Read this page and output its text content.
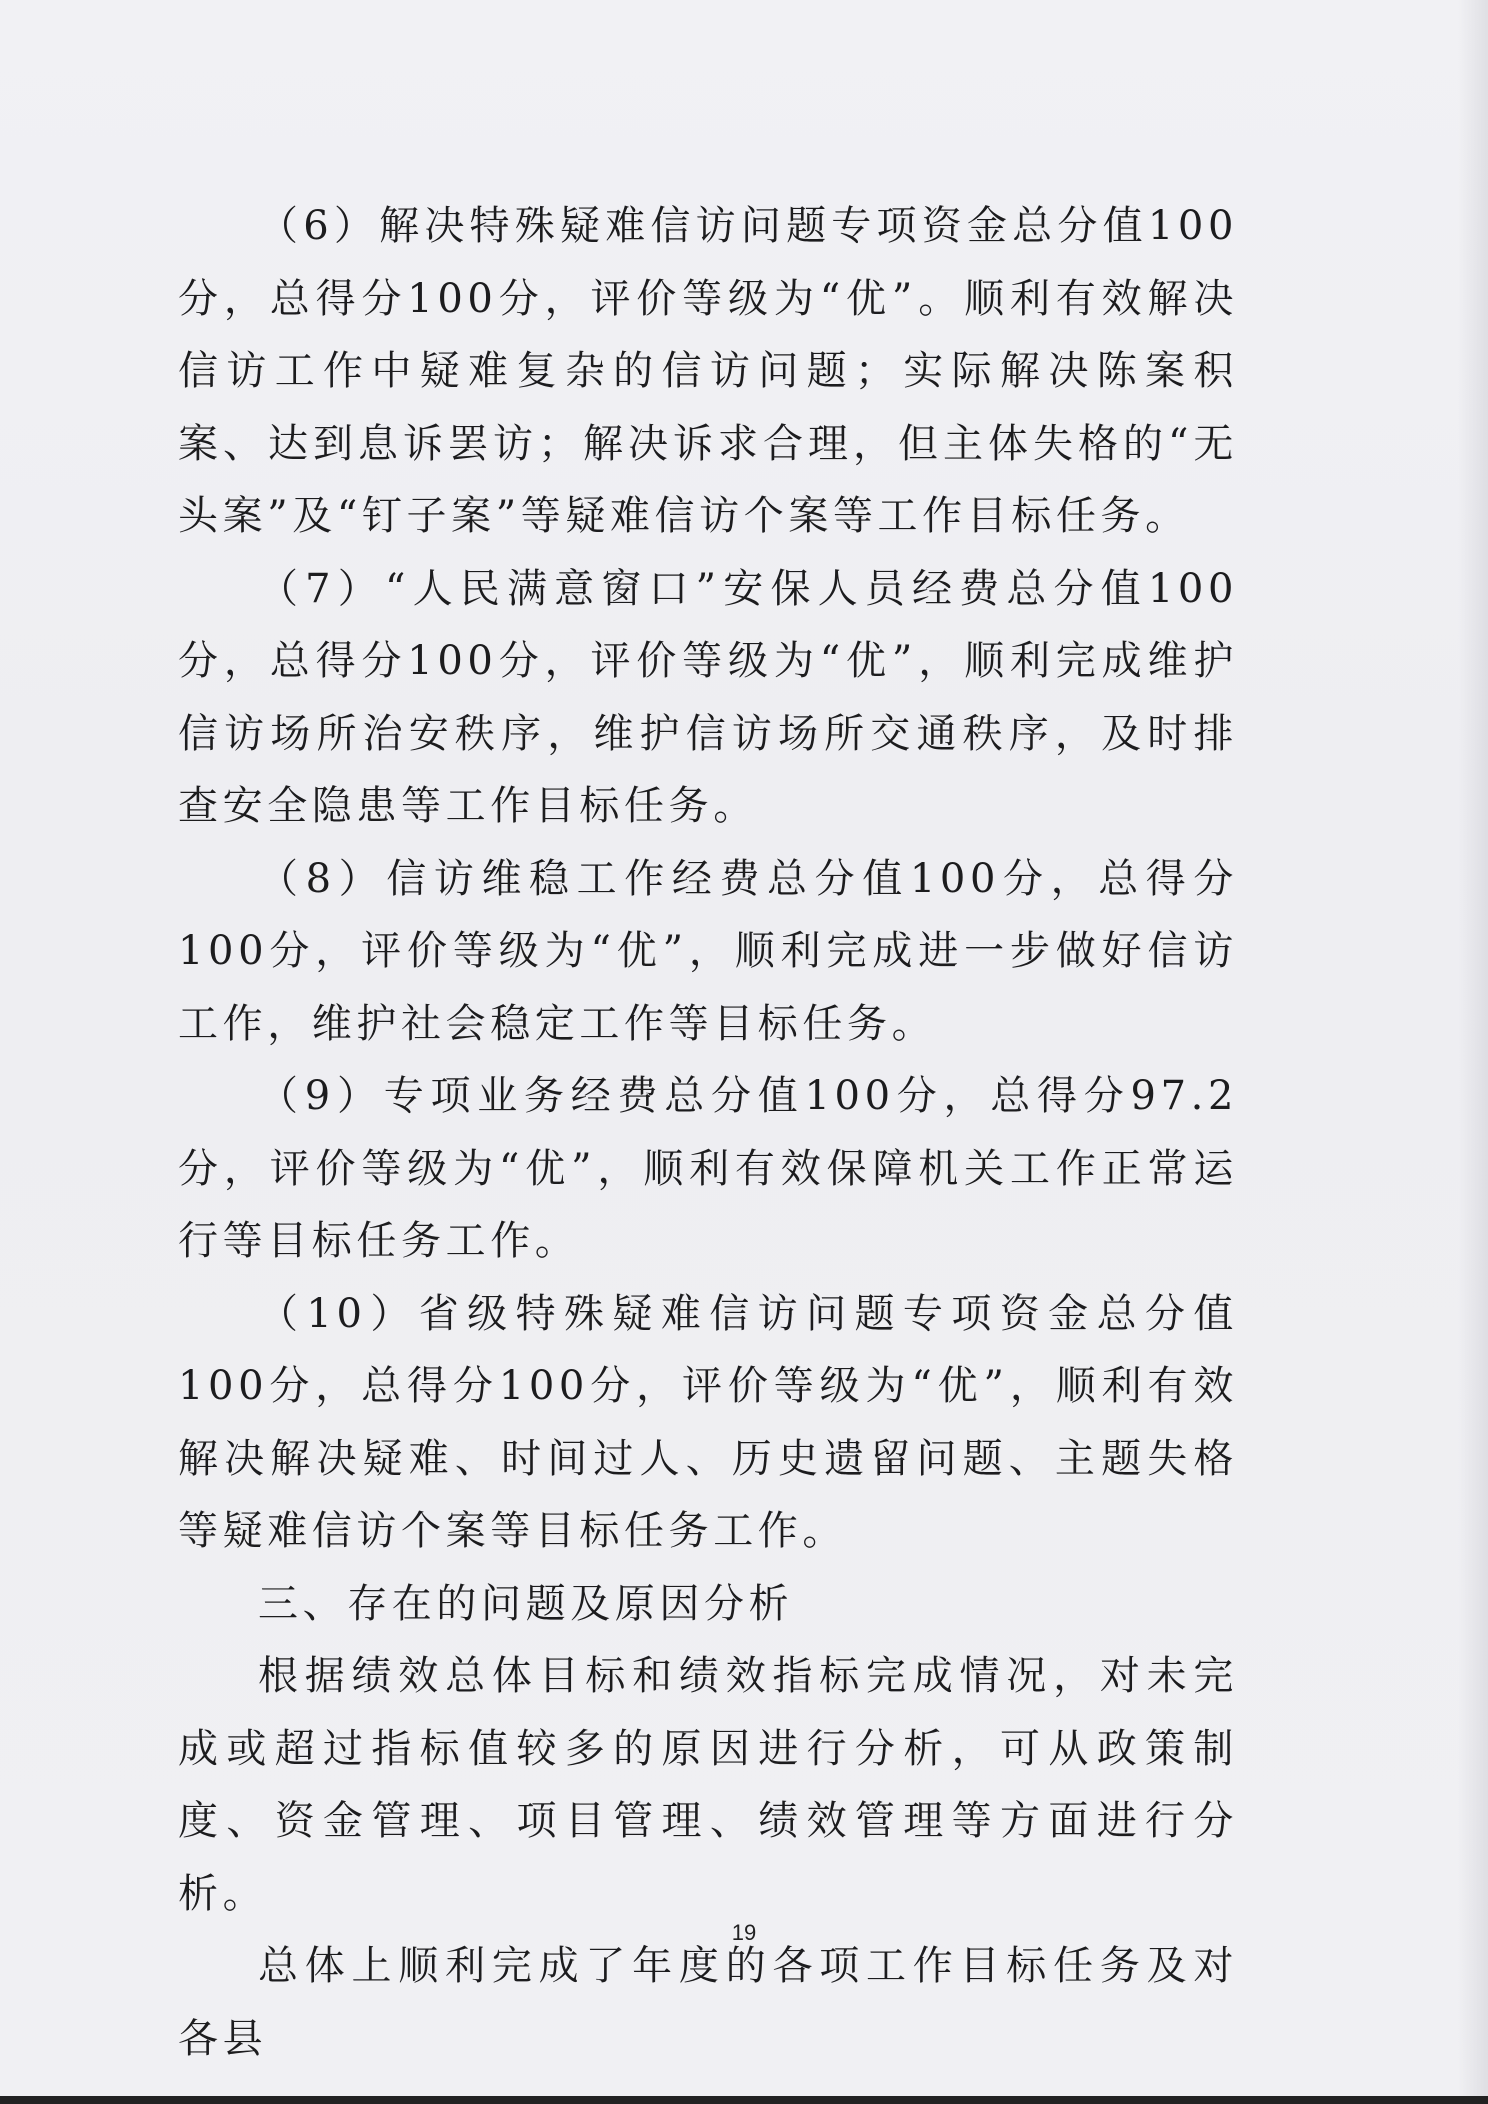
（6）解决特殊疑难信访问题专项资金总分值100分，总得分100分，评价等级为“优”。顺利有效解决信访工作中疑难复杂的信访问题；实际解决陈案积案、达到息诉罢访；解决诉求合理，但主体失格的“无头案”及“钉子案”等疑难信访个案等工作目标任务。

（7）“人民满意窗口”安保人员经费总分值100分，总得分100分，评价等级为“优”，顺利完成维护信访场所治安秩序，维护信访场所交通秩序，及时排查安全隐患等工作目标任务。

（8）信访维稳工作经费总分值100分，总得分100分，评价等级为“优”，顺利完成进一步做好信访工作，维护社会稳定工作等目标任务。

（9）专项业务经费总分值100分，总得分97.2分，评价等级为“优”，顺利有效保障机关工作正常运行等目标任务工作。

（10）省级特殊疑难信访问题专项资金总分值100分，总得分100分，评价等级为“优”，顺利有效解决解决疑难、时间过人、历史遗留问题、主题失格等疑难信访个案等目标任务工作。

三、存在的问题及原因分析

根据绩效总体目标和绩效指标完成情况，对未完成或超过指标值较多的原因进行分析，可从政策制度、资金管理、项目管理、绩效管理等方面进行分析。

总体上顺利完成了年度的各项工作目标任务及对各县

19
